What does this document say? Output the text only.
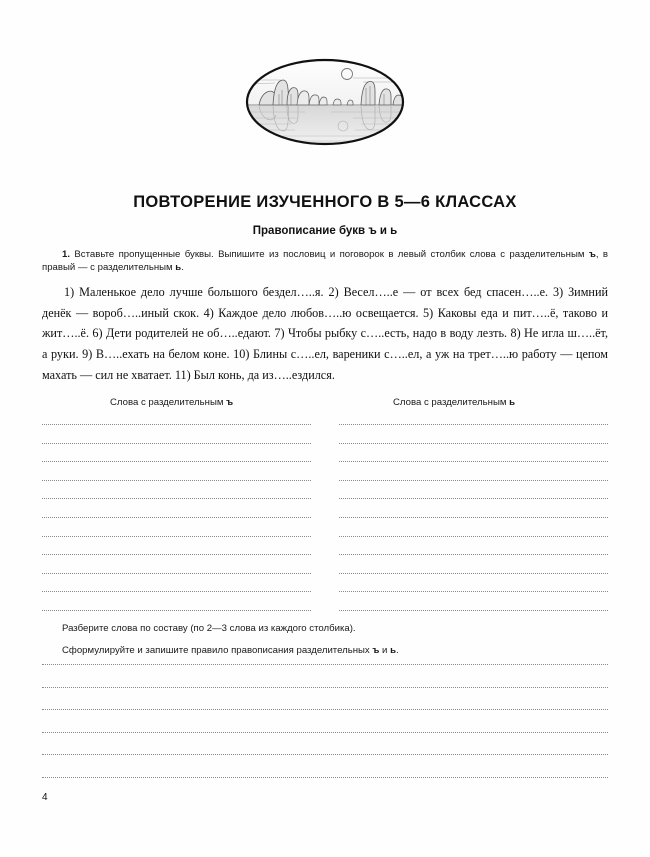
ПОВТОРЕНИЕ ИЗУЧЕННОГО В 5—6 КЛАССАХ
Правописание букв ъ и ь

1. Вставьте пропущенные буквы. Выпишите из пословиц и поговорок в левый столбик слова с разделительным ъ, в правый — с разделительным ь.

1) Маленькое дело лучше большого бездел…..я. 2) Весел…..е — от всех бед спасен…..е. 3) Зимний денёк — вороб…..иный скок. 4) Каждое дело любов…..ю освещается. 5) Каковы еда и пит…..ё, таково и жит…..ё. 6) Дети родителей не об…..едают. 7) Чтобы рыбку с…..есть, надо в воду лезть. 8) Не игла ш…..ёт, а руки. 9) В…..ехать на белом коне. 10) Блины с…..ел, вареники с…..ел, а уж на трет…..ю работу — цепом махать — сил не хватает. 11) Был конь, да из…..ездился.

Слова с разделительным ъ	Слова с разделительным ь

Разберите слова по составу (по 2—3 слова из каждого столбика).

Сформулируйте и запишите правило правописания разделительных ъ и ь.

4
